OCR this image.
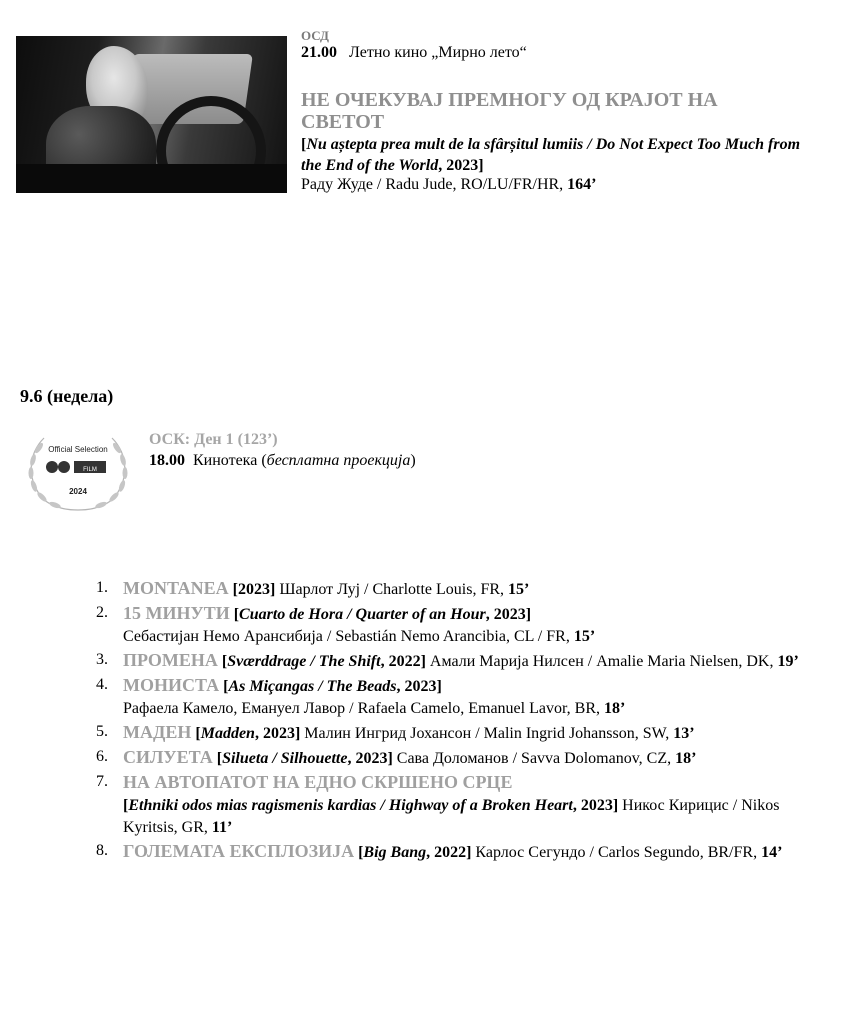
ОСД
21.00 Летно кино „Мирно лето“
НЕ ОЧЕКУВАЈ ПРЕМНОГУ ОД КРАЈОТ НА СВЕТОТ
[Nu aștepta prea mult de la sfârșitul lumiis / Do Not Expect Too Much from the End of the World, 2023]
Раду Жуде / Radu Jude, RO/LU/FR/HR, 164’
9.6 (недела)
Official Selection
FILM
2024
ОСК: Ден 1 (123’)
18.00 Кинотека (бесплатна проекција)
1. MONTANEA [2023] Шарлот Луј / Charlotte Louis, FR, 15’
2. 15 МИНУТИ [Cuarto de Hora / Quarter of an Hour, 2023]
Себастијан Немо Арансибија / Sebastián Nemo Arancibia, CL / FR, 15’
3. ПРОМЕНА [Sværddrage / The Shift, 2022] Амали Марија Нилсен / Amalie Maria Nielsen, DK, 19’
4. МОНИСТА [As Miçangas / The Beads, 2023]
Рафаела Камело, Емануел Лавор / Rafaela Camelo, Emanuel Lavor, BR, 18’
5. МАДЕН [Madden, 2023] Малин Ингрид Јохансон / Malin Ingrid Johansson, SW, 13’
6. СИЛУЕТА [Silueta / Silhouette, 2023] Сава Доломанов / Savva Dolomanov, CZ, 18’
7. НА АВТОПАТОТ НА ЕДНО СКРШЕНО СРЦЕ
[Ethniki odos mias ragismenis kardias / Highway of a Broken Heart, 2023] Никос Кирицис / Nikos Kyritsis, GR, 11’
8. ГОЛЕМАТА ЕКСПЛОЗИЈА [Big Bang, 2022] Карлос Сегундо / Carlos Segundo, BR/FR, 14’
